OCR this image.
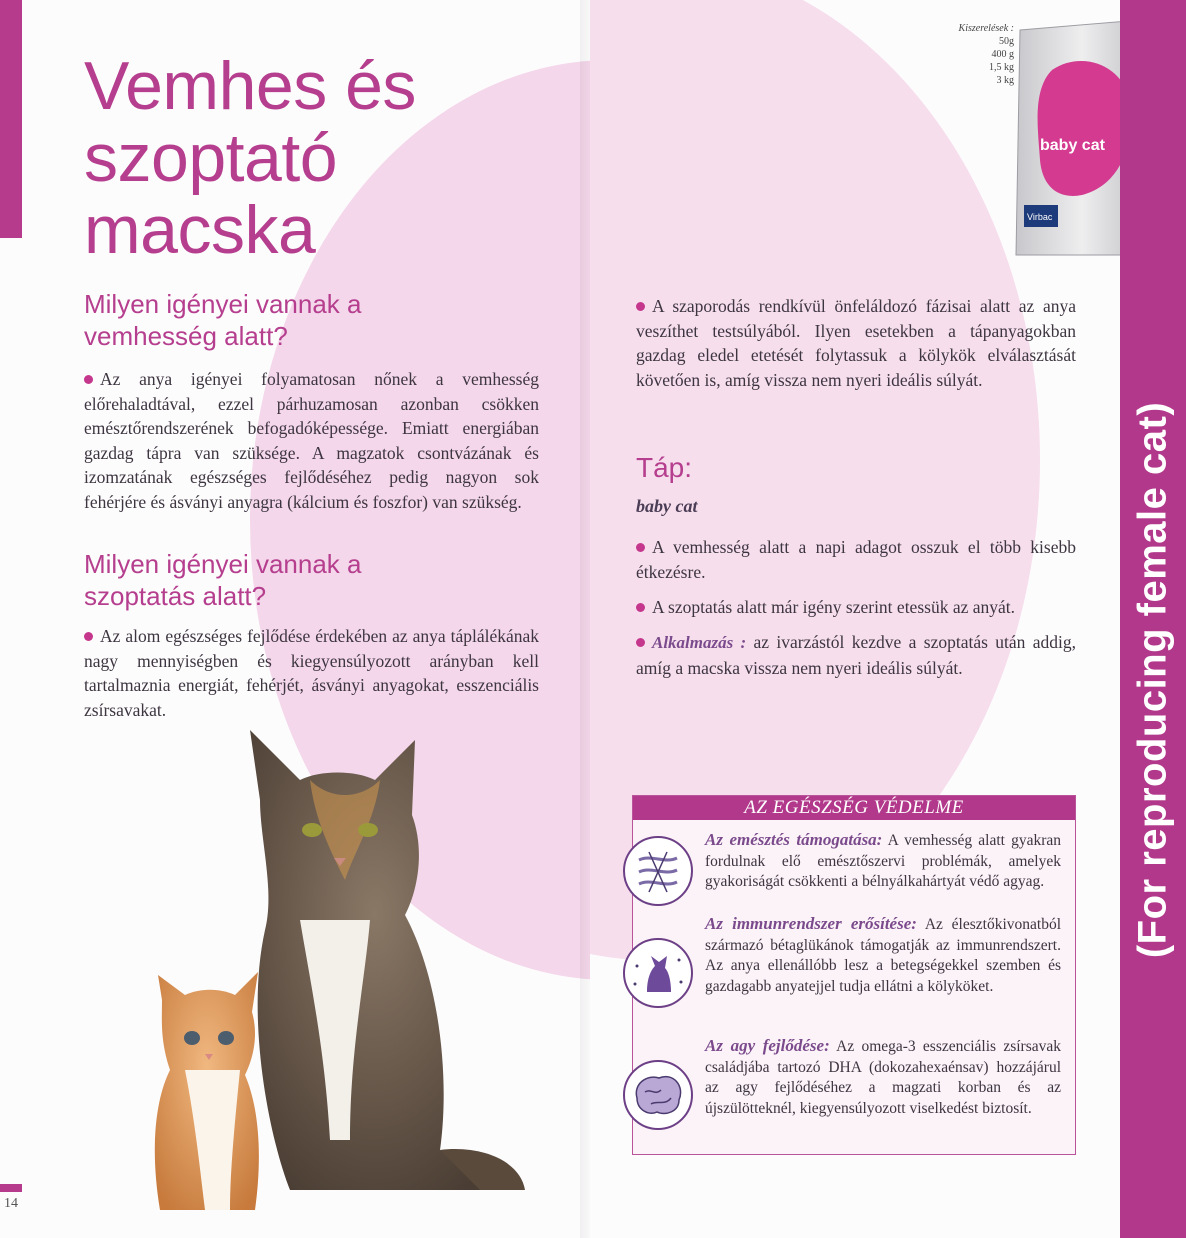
Vemhes és
szoptató
macska
Milyen igényei vannak a vemhesség alatt?

Az anya igényei folyamatosan nőnek a vemhesség előrehaladtával, ezzel párhuzamosan azonban csökken emésztőrendszerének befogadóképessége. Emiatt energiában gazdag tápra van szüksége. A magzatok csontvázának és izomzatának egészséges fejlődéséhez pedig nagyon sok fehérjére és ásványi anyagra (kálcium és foszfor) van szükség.

Milyen igényei vannak a szoptatás alatt?

Az alom egészséges fejlődése érdekében az anya táplálékának nagy mennyiségben és kiegyensúlyozott arányban kell tartalmaznia energiát, fehérjét, ásványi anyagokat, esszenciális zsírsavakat.

14
Kiszerelések :
50g
400 g
1,5 kg
3 kg
baby cat
Virbac

A szaporodás rendkívül önfeláldozó fázisai alatt az anya veszíthet testsúlyából. Ilyen esetekben a tápanyagokban gazdag eledel etetését folytassuk a kölykök elválasztását követően is, amíg vissza nem nyeri ideális súlyát.

Táp:
baby cat

A vemhesség alatt a napi adagot osszuk el több kisebb étkezésre.

A szoptatás alatt már igény szerint etessük az anyát.

Alkalmazás : az ivarzástól kezdve a szoptatás után addig, amíg a macska vissza nem nyeri ideális súlyát.

AZ EGÉSZSÉG VÉDELME

Az emésztés támogatása: A vemhesség alatt gyakran fordulnak elő emésztőszervi problémák, amelyek gyakoriságát csökkenti a bélnyálkahártyát védő agyag.

Az immunrendszer erősítése: Az élesztőkivonatból származó bétaglükánok támogatják az immunrendszert. Az anya ellenállóbb lesz a betegségekkel szemben és gazdagabb anyatejjel tudja ellátni a kölyköket.

Az agy fejlődése: Az omega-3 esszenciális zsírsavak családjába tartozó DHA (dokozahexaénsav) hozzájárul az agy fejlődéséhez a magzati korban és az újszülötteknél, kiegyensúlyozott viselkedést biztosít.

(For reproducing female cat)
